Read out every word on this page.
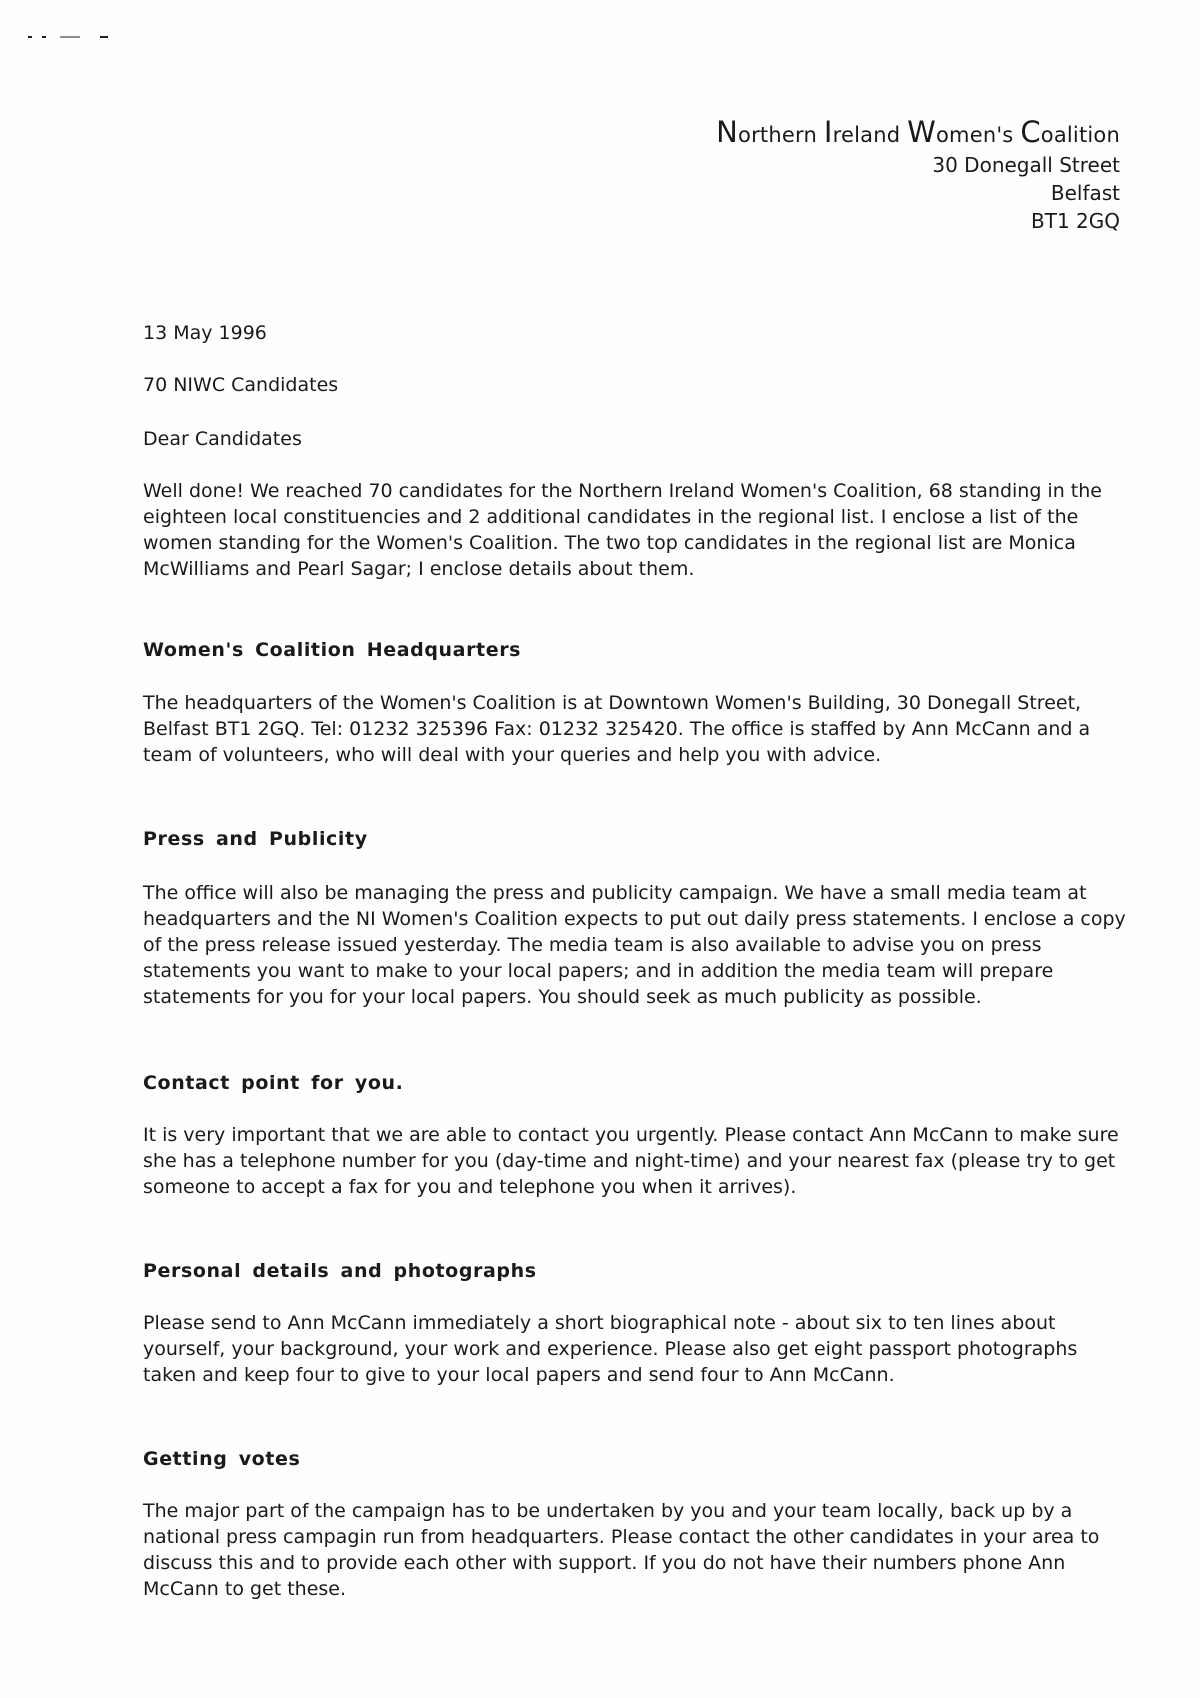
Northern Ireland Women's Coalition
30 Donegall Street
Belfast
BT1 2GQ
13 May 1996
70 NIWC Candidates
Dear Candidates

Well done! We reached 70 candidates for the Northern Ireland Women's Coalition, 68 standing in the eighteen local constituencies and 2 additional candidates in the regional list. I enclose a list of the women standing for the Women's Coalition. The two top candidates in the regional list are Monica McWilliams and Pearl Sagar; I enclose details about them.

Women's Coalition Headquarters

The headquarters of the Women's Coalition is at Downtown Women's Building, 30 Donegall Street, Belfast BT1 2GQ. Tel: 01232 325396 Fax: 01232 325420. The office is staffed by Ann McCann and a team of volunteers, who will deal with your queries and help you with advice.

Press and Publicity

The office will also be managing the press and publicity campaign. We have a small media team at headquarters and the NI Women's Coalition expects to put out daily press statements. I enclose a copy of the press release issued yesterday. The media team is also available to advise you on press statements you want to make to your local papers; and in addition the media team will prepare statements for you for your local papers. You should seek as much publicity as possible.

Contact point for you.

It is very important that we are able to contact you urgently. Please contact Ann McCann to make sure she has a telephone number for you (day-time and night-time) and your nearest fax (please try to get someone to accept a fax for you and telephone you when it arrives).

Personal details and photographs

Please send to Ann McCann immediately a short biographical note - about six to ten lines about yourself, your background, your work and experience. Please also get eight passport photographs taken and keep four to give to your local papers and send four to Ann McCann.

Getting votes

The major part of the campaign has to be undertaken by you and your team locally, back up by a national press campagin run from headquarters. Please contact the other candidates in your area to discuss this and to provide each other with support. If you do not have their numbers phone Ann McCann to get these.
